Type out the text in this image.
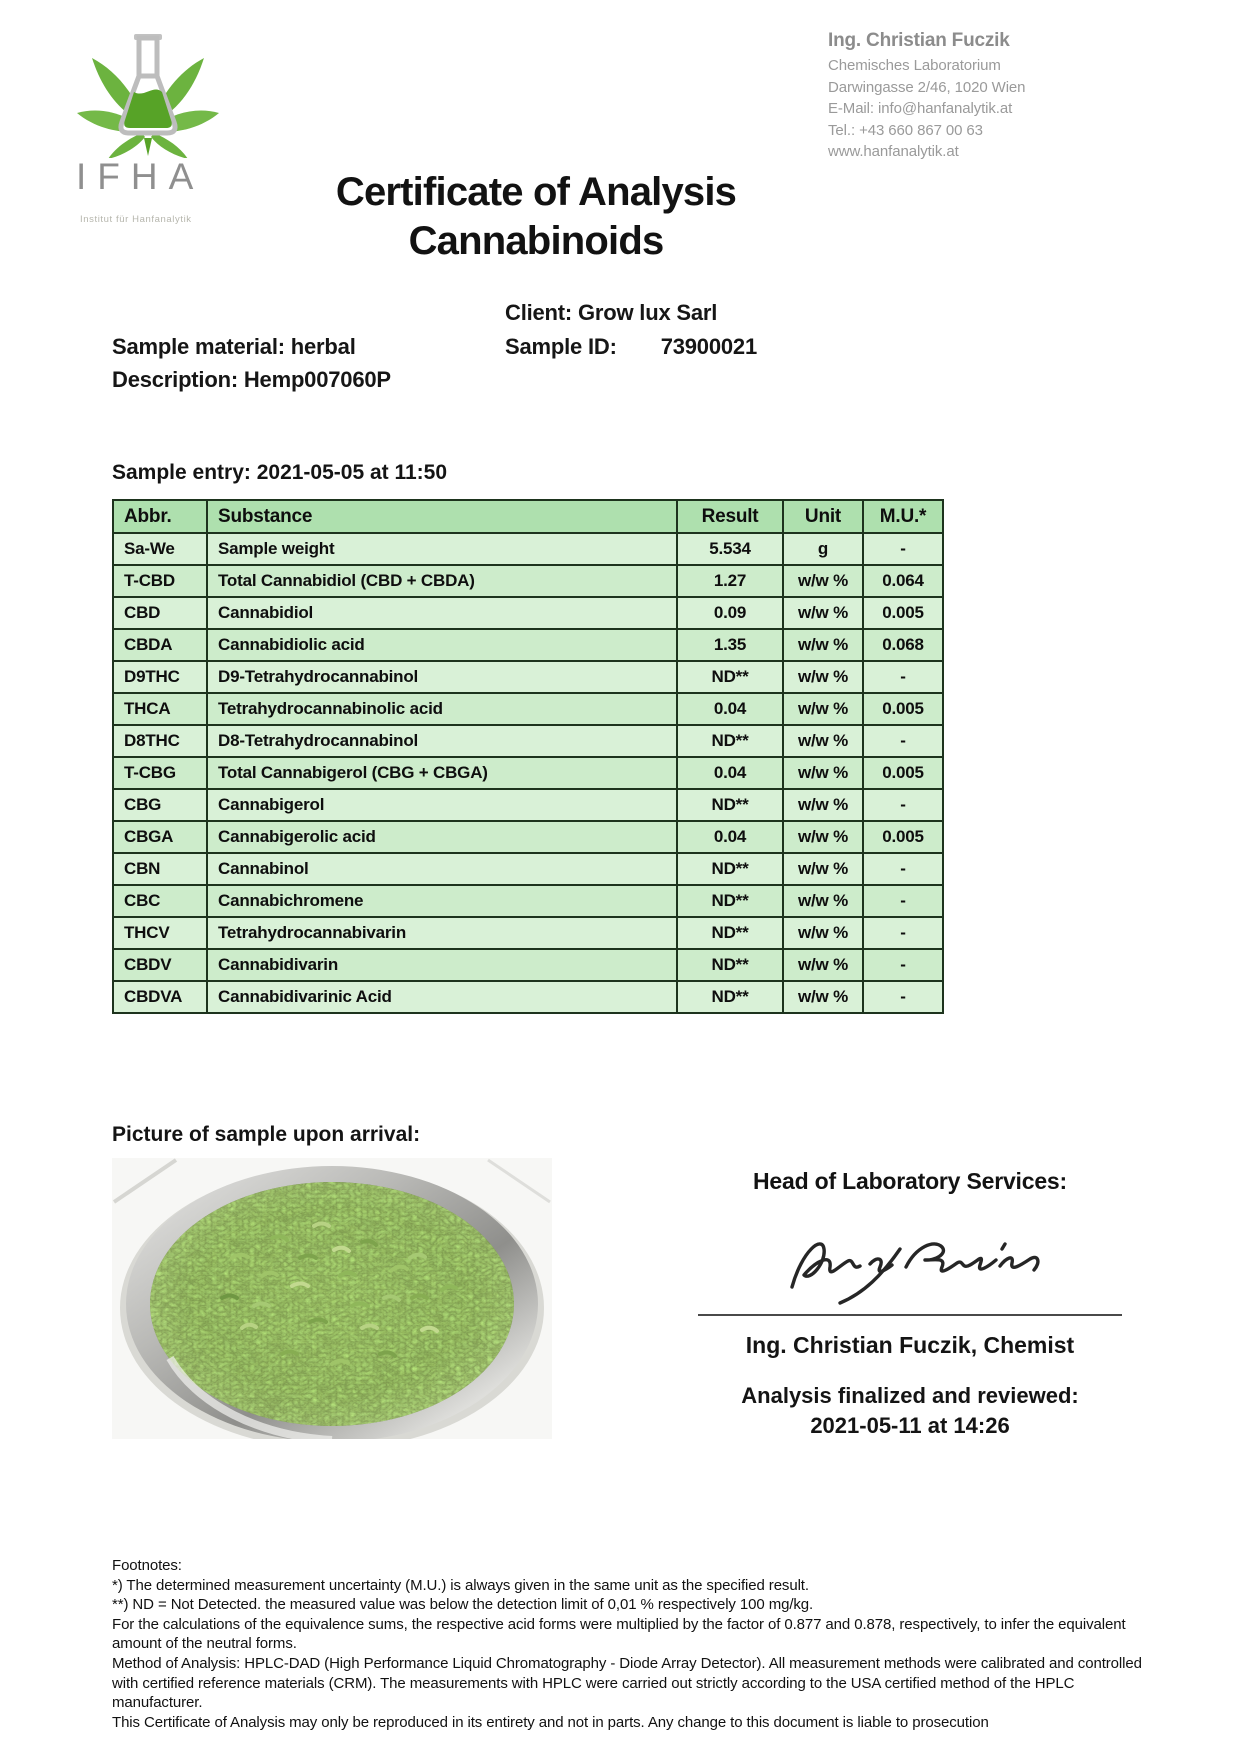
IFHA
Institut für Hanfanalytik
Ing. Christian Fuczik
Chemisches Laboratorium
Darwingasse 2/46, 1020 Wien
E-Mail: info@hanfanalytik.at
Tel.: +43 660 867 00 63
www.hanfanalytik.at
Certificate of Analysis
Cannabinoids
Client: Grow lux Sarl
Sample material: herbal	Sample ID: 73900021
Description: Hemp007060P
Sample entry: 2021-05-05 at 11:50
Abbr.	Substance	Result	Unit	M.U.*
Sa-We	Sample weight	5.534	g	-
T-CBD	Total Cannabidiol (CBD + CBDA)	1.27	w/w %	0.064
CBD	Cannabidiol	0.09	w/w %	0.005
CBDA	Cannabidiolic acid	1.35	w/w %	0.068
D9THC	D9-Tetrahydrocannabinol	ND**	w/w %	-
THCA	Tetrahydrocannabinolic acid	0.04	w/w %	0.005
D8THC	D8-Tetrahydrocannabinol	ND**	w/w %	-
T-CBG	Total Cannabigerol (CBG + CBGA)	0.04	w/w %	0.005
CBG	Cannabigerol	ND**	w/w %	-
CBGA	Cannabigerolic acid	0.04	w/w %	0.005
CBN	Cannabinol	ND**	w/w %	-
CBC	Cannabichromene	ND**	w/w %	-
THCV	Tetrahydrocannabivarin	ND**	w/w %	-
CBDV	Cannabidivarin	ND**	w/w %	-
CBDVA	Cannabidivarinic Acid	ND**	w/w %	-
Picture of sample upon arrival:
Head of Laboratory Services:
Ing. Christian Fuczik, Chemist
Analysis finalized and reviewed:
2021-05-11 at 14:26

Footnotes:

*) The determined measurement uncertainty (M.U.) is always given in the same unit as the specified result.

**) ND = Not Detected. the measured value was below the detection limit of 0,01 % respectively 100 mg/kg.

For the calculations of the equivalence sums, the respective acid forms were multiplied by the factor of 0.877 and 0.878, respectively, to infer the equivalent amount of the neutral forms.

Method of Analysis: HPLC-DAD (High Performance Liquid Chromatography - Diode Array Detector). All measurement methods were calibrated and controlled with certified reference materials (CRM). The measurements with HPLC were carried out strictly according to the USA certified method of the HPLC manufacturer.

This Certificate of Analysis may only be reproduced in its entirety and not in parts. Any change to this document is liable to prosecution
